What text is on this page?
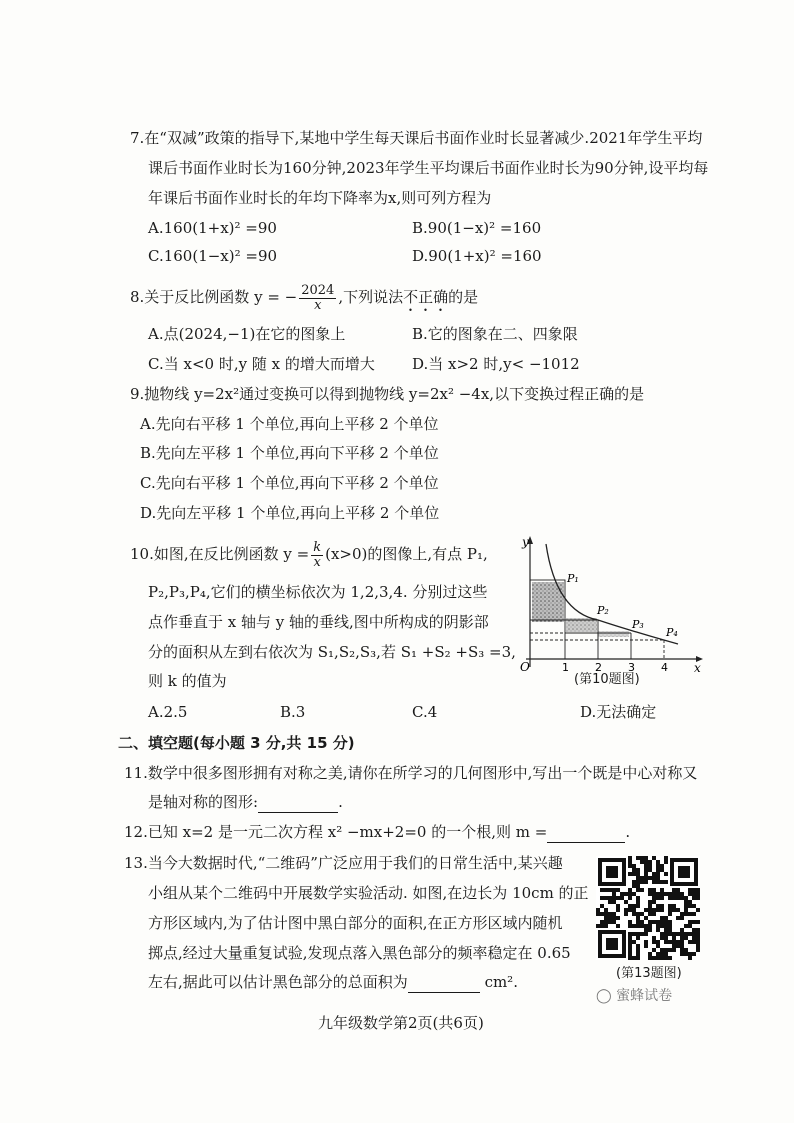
7.在“双减”政策的指导下,某地中学生每天课后书面作业时长显著减少.2021年学生平均
课后书面作业时长为160分钟,2023年学生平均课后书面作业时长为90分钟,设平均每
年课后书面作业时长的年均下降率为x,则可列方程为
A.160(1+x)² =90	B.90(1−x)² =160
C.160(1−x)² =90	D.90(1+x)² =160
8.关于反比例函数 y = − $\frac{2024}{x}$ ,下列说法不正确的是
A.点(2024,−1)在它的图象上	B.它的图象在二、四象限
C.当 x<0 时,y 随 x 的增大而增大 D.当 x>2 时,y< −1012
9.抛物线 y=2x²通过变换可以得到抛物线 y=2x² −4x,以下变换过程正确的是
A.先向右平移 1 个单位,再向上平移 2 个单位
B.先向左平移 1 个单位,再向下平移 2 个单位
C.先向右平移 1 个单位,再向下平移 2 个单位
D.先向左平移 1 个单位,再向上平移 2 个单位
10.如图,在反比例函数 $y = \frac{k}{x} (x>0)$的图像上,有点 P₁,
P₂,P₃,P₄,它们的横坐标依次为 1,2,3,4. 分别过这些
点作垂直于 x 轴与 y 轴的垂线,图中所构成的阴影部
分的面积从左到右依次为 S₁,S₂,S₃,若 S₁ +S₂ +S₃ =3,
则 k 的值为
A.2.5	B.3	C.4	D.无法确定
y
x
O	1 2 3 4
P₁
P₂
P₃
P₄
(第10题图)
二、填空题(每小题 3 分,共 15 分)
11.数学中很多图形拥有对称之美,请你在所学习的几何图形中,写出一个既是中心对称又
是轴对称的图形:	.
12.已知 x=2 是一元二次方程 x² −mx+2=0 的一个根,则 m =	.
13.当今大数据时代,“二维码”广泛应用于我们的日常生活中,某兴趣
小组从某个二维码中开展数学实验活动. 如图,在边长为 10cm 的正
方形区域内,为了估计图中黑白部分的面积,在正方形区域内随机
掷点,经过大量重复试验,发现点落入黑色部分的频率稳定在 0.65
左右,据此可以估计黑色部分的总面积为	cm².	(第13题图)
◯ 蜜蜂试卷
九年级数学第2页(共6页)
